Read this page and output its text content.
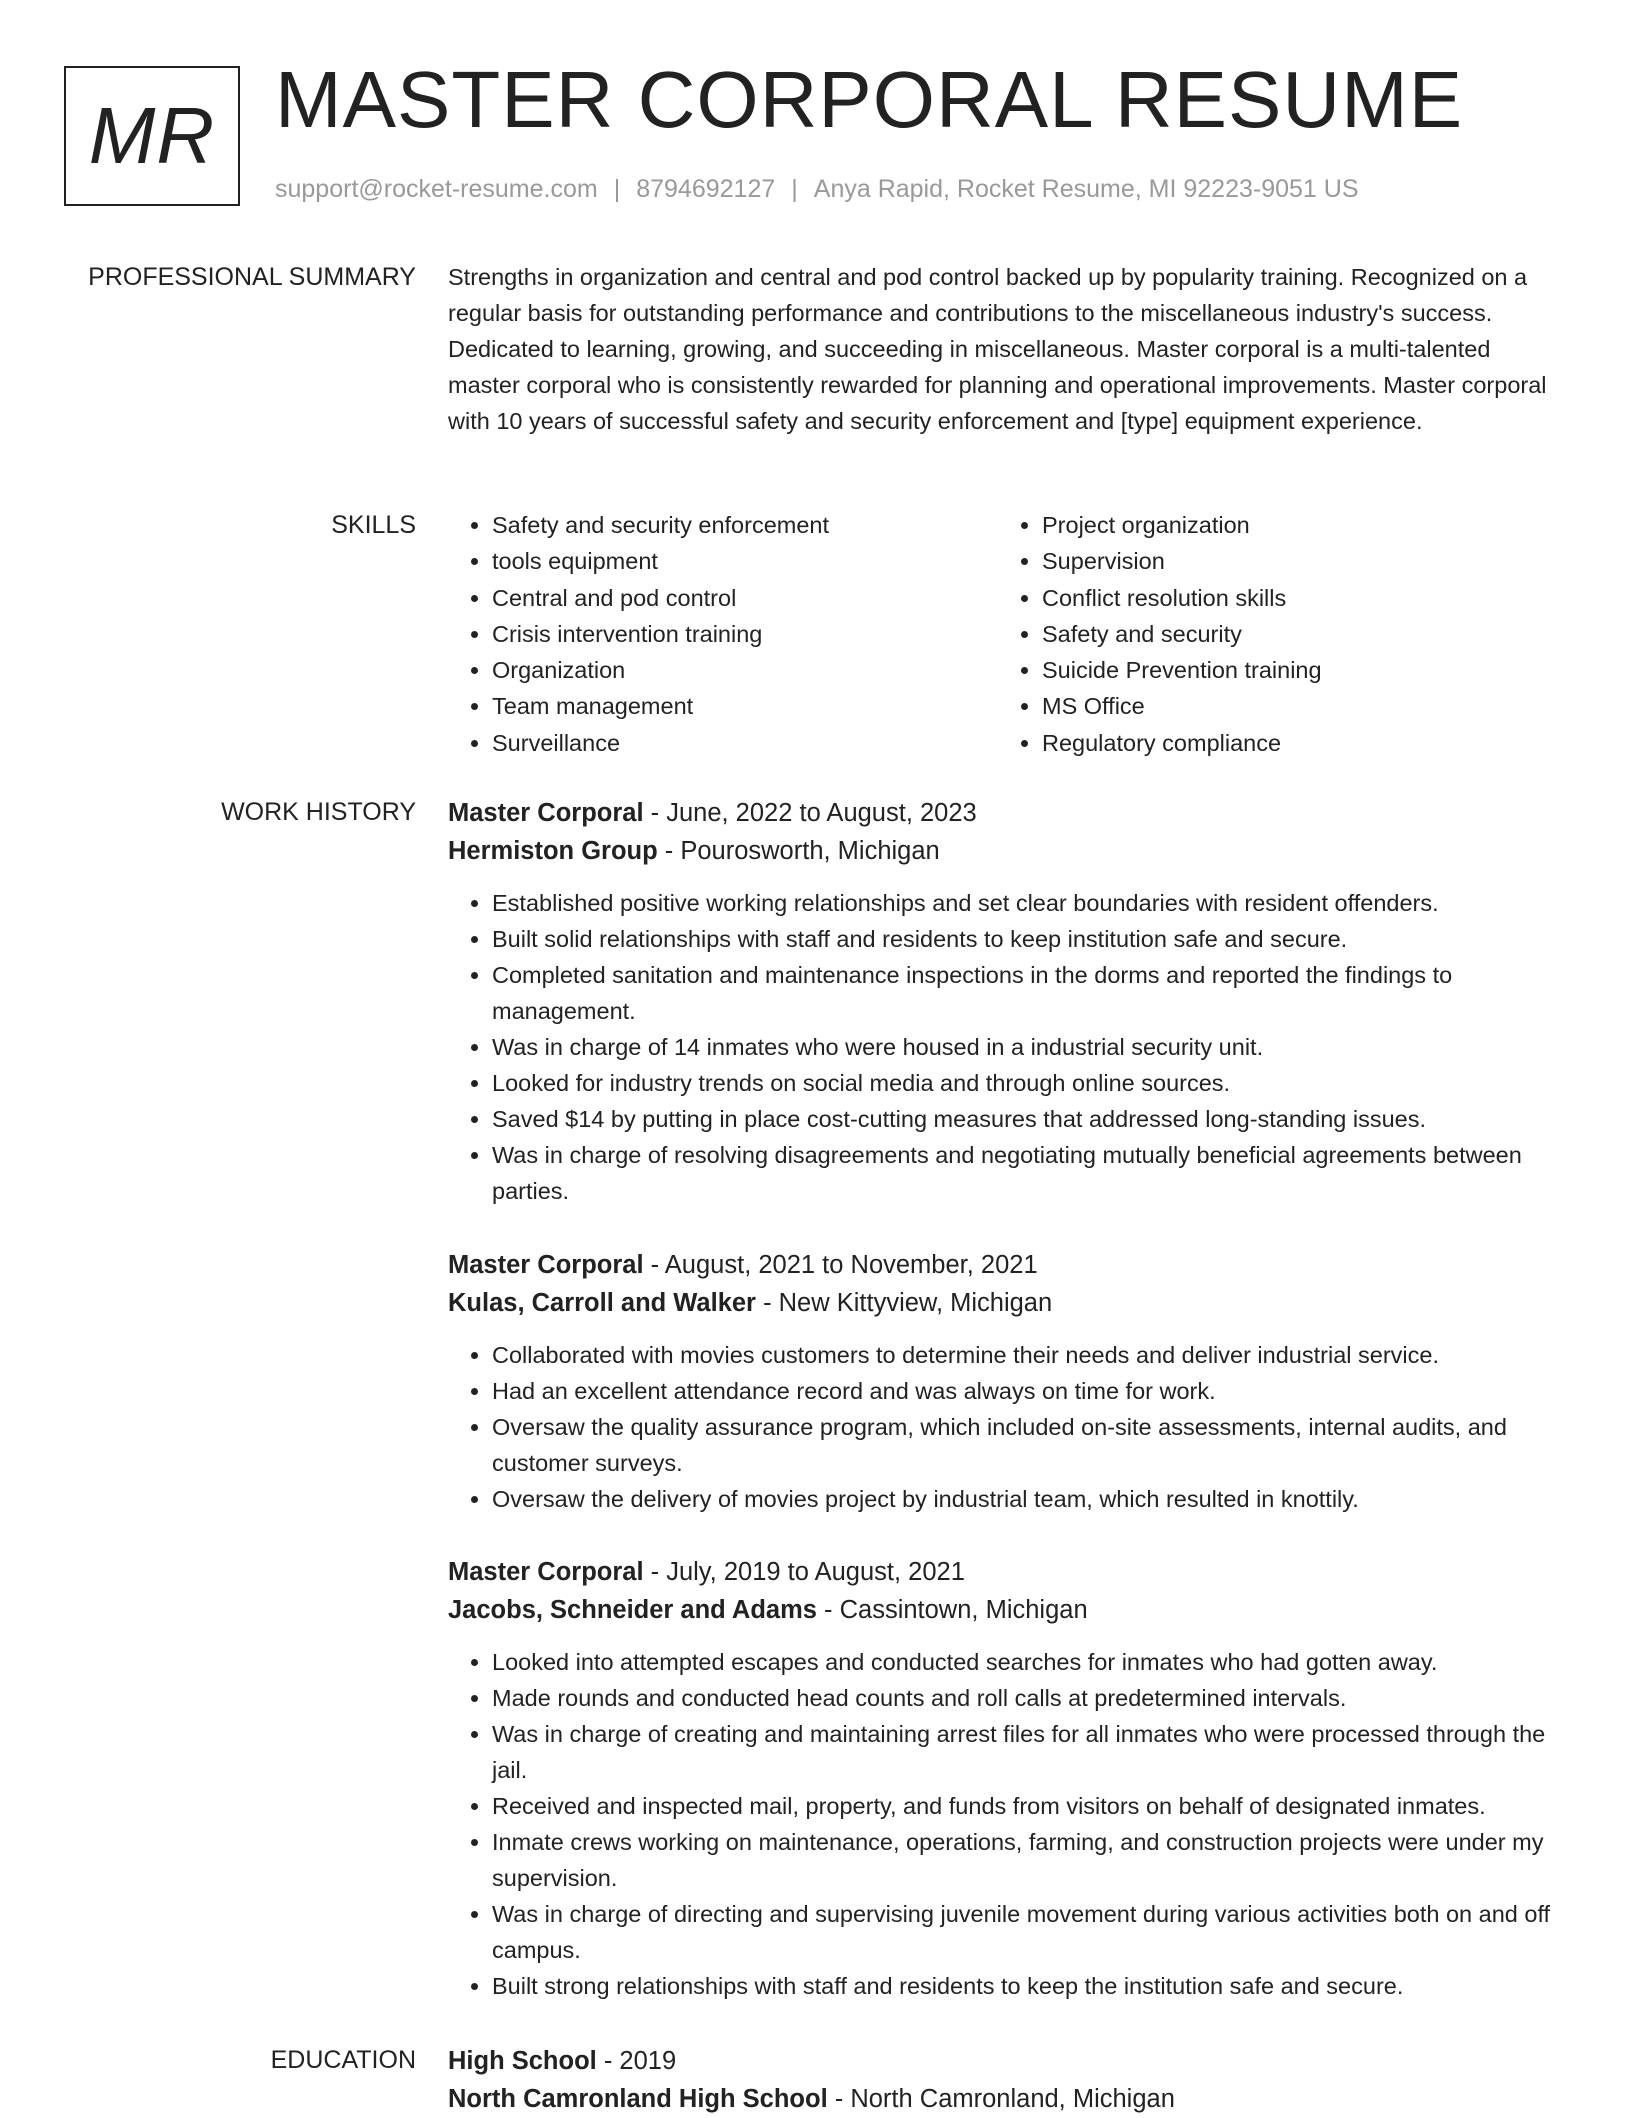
MR MASTER CORPORAL RESUME
support@rocket-resume.com | 8794692127 | Anya Rapid, Rocket Resume, MI 92223-9051 US
PROFESSIONAL SUMMARY Strengths in organization and central and pod control backed up by popularity training. Recognized on a regular basis for outstanding performance and contributions to the miscellaneous industry's success. Dedicated to learning, growing, and succeeding in miscellaneous. Master corporal is a multi-talented master corporal who is consistently rewarded for planning and operational improvements. Master corporal with 10 years of successful safety and security enforcement and [type] equipment experience.

SKILLS
•	Safety and security enforcement
• tools equipment
• Central and pod control
• Crisis intervention training
• Organization
• Team management
• Surveillance
• Project organization
• Supervision
• Conflict resolution skills
• Safety and security
• Suicide Prevention training
• MS Office
• Regulatory compliance
WORK HISTORY Master Corporal - June, 2022 to August, 2023
Hermiston Group - Pourosworth, Michigan
• Established positive working relationships and set clear boundaries with resident offenders.
• Built solid relationships with staff and residents to keep institution safe and secure.
• Completed sanitation and maintenance inspections in the dorms and reported the findings to management.
• Was in charge of 14 inmates who were housed in a industrial security unit.
• Looked for industry trends on social media and through online sources.
• Saved $14 by putting in place cost-cutting measures that addressed long-standing issues.
• Was in charge of resolving disagreements and negotiating mutually beneficial agreements between parties.
Master Corporal - August, 2021 to November, 2021
Kulas, Carroll and Walker - New Kittyview, Michigan
• Collaborated with movies customers to determine their needs and deliver industrial service.
• Had an excellent attendance record and was always on time for work.
• Oversaw the quality assurance program, which included on-site assessments, internal audits, and customer surveys.
• Oversaw the delivery of movies project by industrial team, which resulted in knottily.
Master Corporal - July, 2019 to August, 2021
Jacobs, Schneider and Adams - Cassintown, Michigan
• Looked into attempted escapes and conducted searches for inmates who had gotten away.
• Made rounds and conducted head counts and roll calls at predetermined intervals.
• Was in charge of creating and maintaining arrest files for all inmates who were processed through the jail.
• Received and inspected mail, property, and funds from visitors on behalf of designated inmates.
• Inmate crews working on maintenance, operations, farming, and construction projects were under my supervision.
• Was in charge of directing and supervising juvenile movement during various activities both on and off campus.
• Built strong relationships with staff and residents to keep the institution safe and secure.
EDUCATION High School - 2019
North Camronland High School - North Camronland, Michigan
